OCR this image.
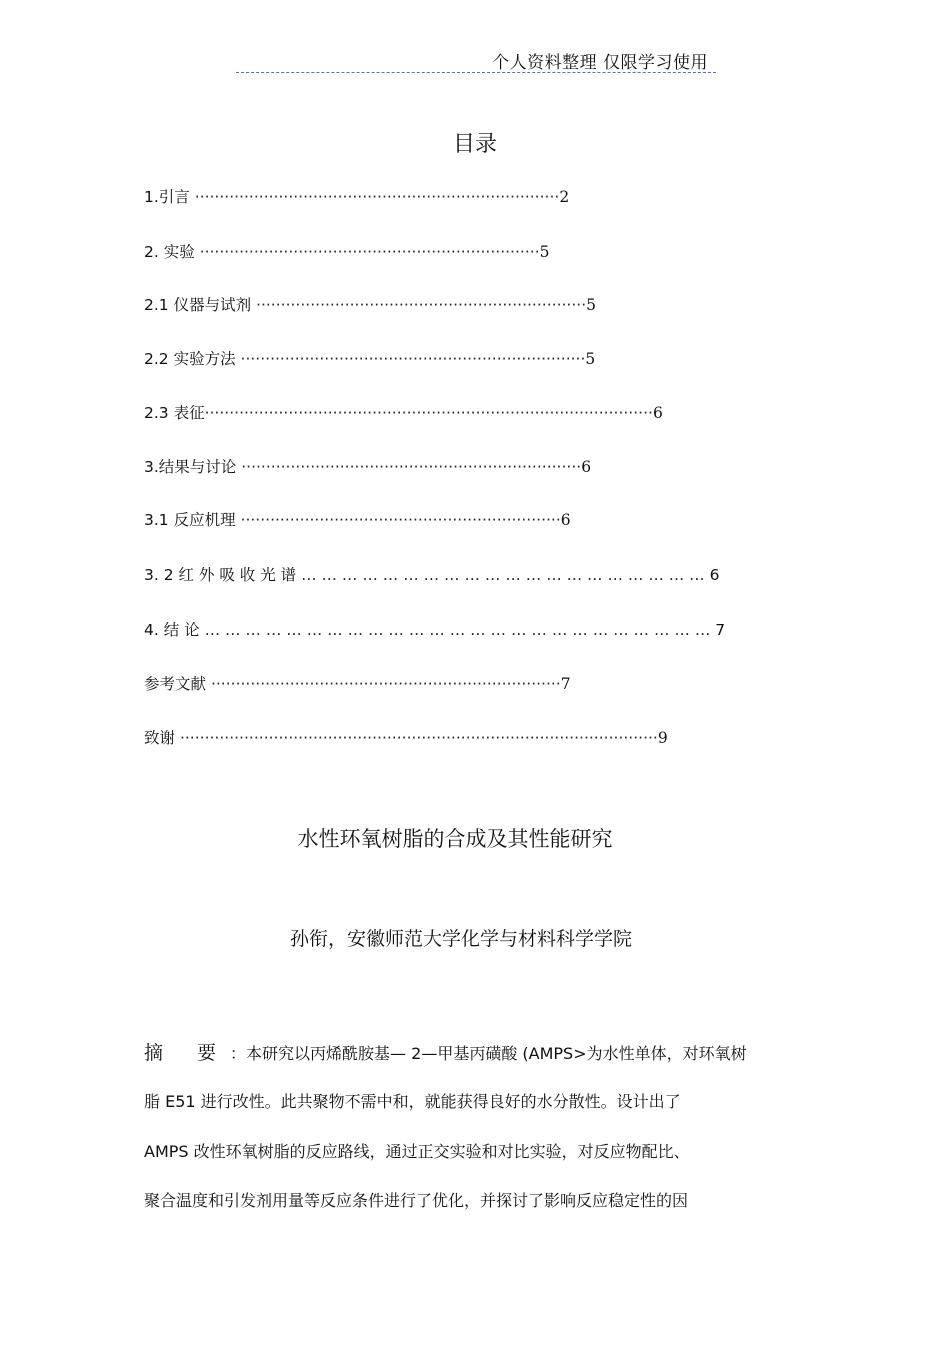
个人资料整理 仅限学习使用
目录
1.引言 ··········································································2
2. 实验 ·····································································5
2.1 仪器与试剂 ···································································5
2.2 实验方法 ······································································5
2.3 表征···························································································6
3.结果与讨论 ·····································································6
3.1 反应机理 ·································································6
3. 2 红 外 吸 收 光 谱 … … … … … … … … … … … … … … … … … … … … 6
4. 结 论 … … … … … … … … … … … … … … … … … … … … … … … … … 7
参考文献 ·······································································7
致谢 ·································································································9
水性环氧树脂的合成及其性能研究
孙衔，安徽师范大学化学与材料科学学院
摘 要：本研究以丙烯酰胺基— 2—甲基丙磺酸 (AMPS>为水性单体，对环氧树
脂 E51 进行改性。此共聚物不需中和，就能获得良好的水分散性。设计出了
AMPS 改性环氧树脂的反应路线，通过正交实验和对比实验，对反应物配比、
聚合温度和引发剂用量等反应条件进行了优化，并探讨了影响反应稳定性的因
